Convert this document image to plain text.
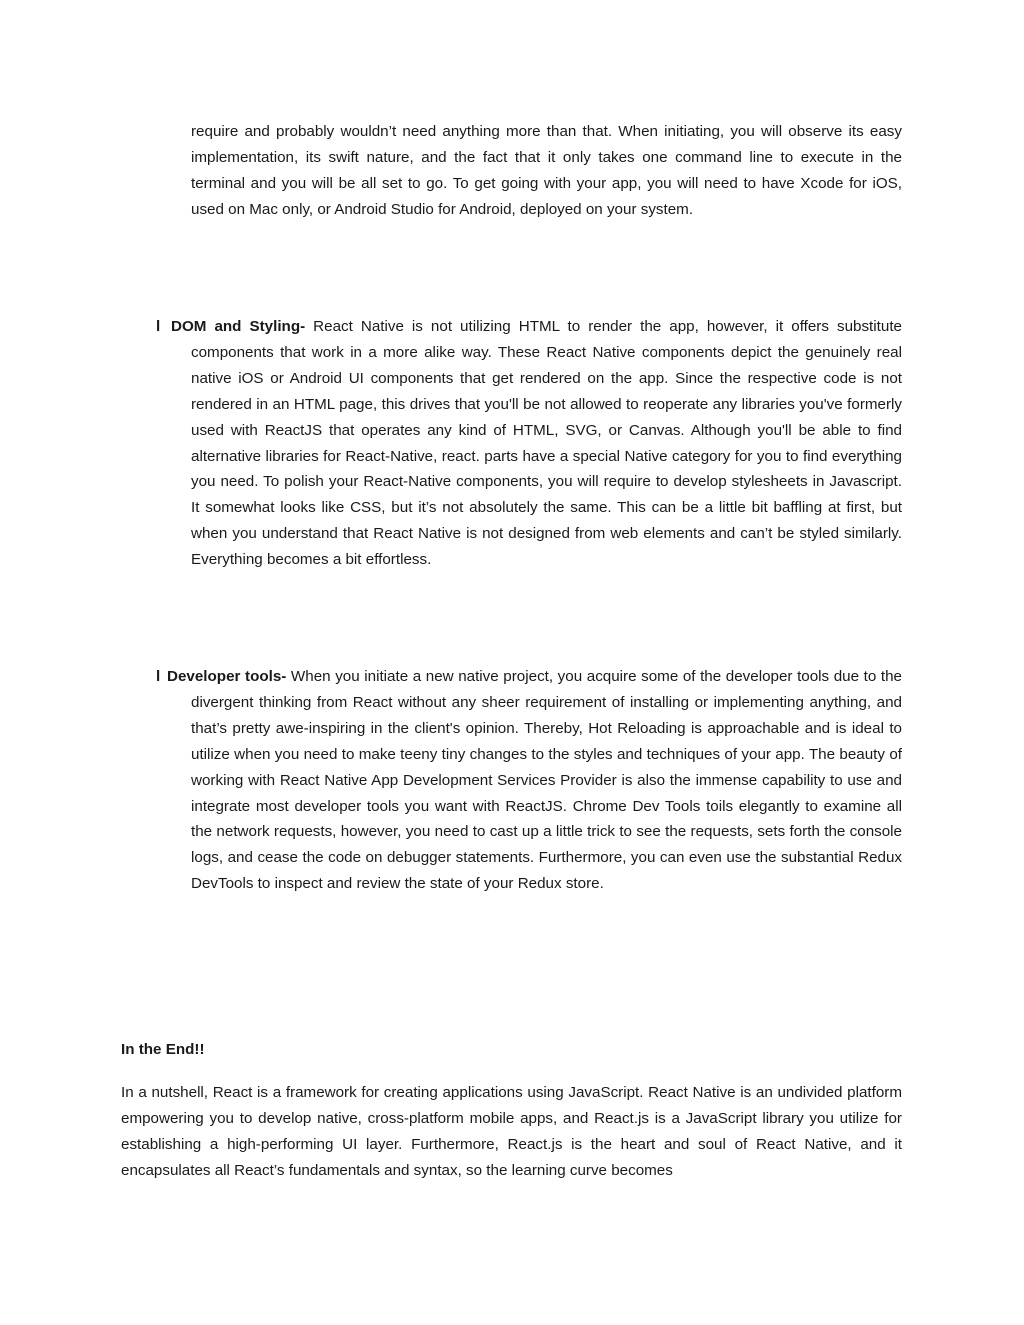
require and probably wouldn’t need anything more than that. When initiating, you will observe its easy implementation, its swift nature, and the fact that it only takes one command line to execute in the terminal and you will be all set to go. To get going with your app, you will need to have Xcode for iOS, used on Mac only, or Android Studio for Android, deployed on your system.

l DOM and Styling- React Native is not utilizing HTML to render the app, however, it offers substitute components that work in a more alike way. These React Native components depict the genuinely real native iOS or Android UI components that get rendered on the app. Since the respective code is not rendered in an HTML page, this drives that you'll be not allowed to reoperate any libraries you've formerly used with ReactJS that operates any kind of HTML, SVG, or Canvas. Although you'll be able to find alternative libraries for React-Native, react. parts have a special Native category for you to find everything you need. To polish your React-Native components, you will require to develop stylesheets in Javascript. It somewhat looks like CSS, but it’s not absolutely the same. This can be a little bit baffling at first, but when you understand that React Native is not designed from web elements and can’t be styled similarly. Everything becomes a bit effortless.

l Developer tools- When you initiate a new native project, you acquire some of the developer tools due to the divergent thinking from React without any sheer requirement of installing or implementing anything, and that’s pretty awe-inspiring in the client's opinion. Thereby, Hot Reloading is approachable and is ideal to utilize when you need to make teeny tiny changes to the styles and techniques of your app. The beauty of working with React Native App Development Services Provider is also the immense capability to use and integrate most developer tools you want with ReactJS. Chrome Dev Tools toils elegantly to examine all the network requests, however, you need to cast up a little trick to see the requests, sets forth the console logs, and cease the code on debugger statements. Furthermore, you can even use the substantial Redux DevTools to inspect and review the state of your Redux store.

In the End!!

In a nutshell, React is a framework for creating applications using JavaScript. React Native is an undivided platform empowering you to develop native, cross-platform mobile apps, and React.js is a JavaScript library you utilize for establishing a high-performing UI layer. Furthermore, React.js is the heart and soul of React Native, and it encapsulates all React’s fundamentals and syntax, so the learning curve becomes
